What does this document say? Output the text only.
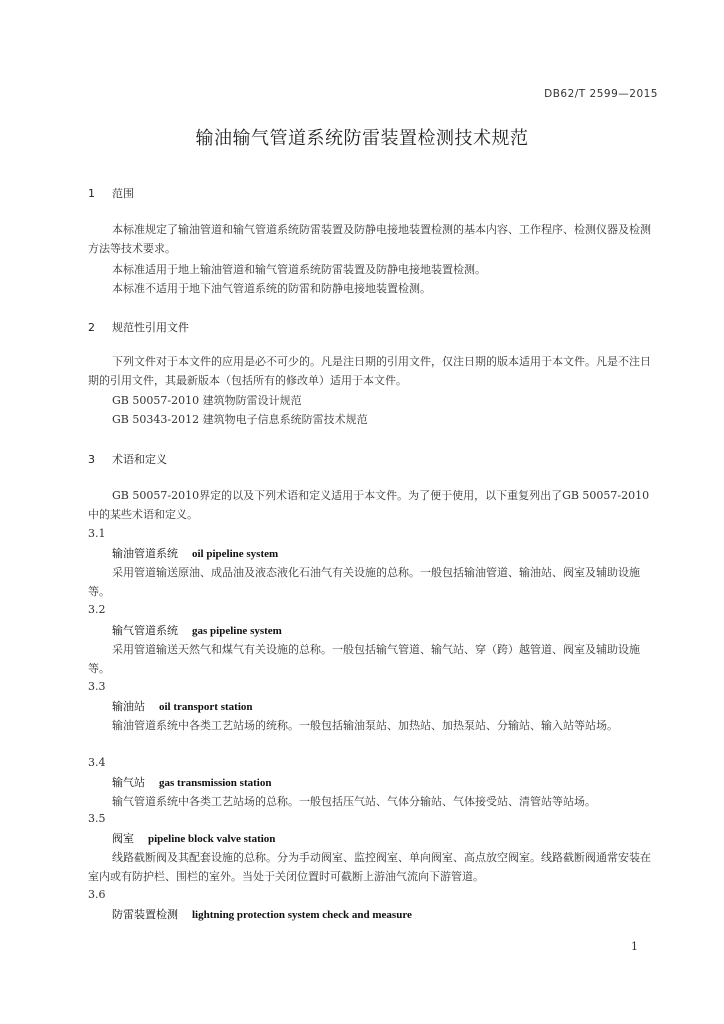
DB62/T 2599—2015
输油输气管道系统防雷装置检测技术规范
1 范围
本标准规定了输油管道和输气管道系统防雷装置及防静电接地装置检测的基本内容、工作程序、检测仪器及检测方法等技术要求。
本标准适用于地上输油管道和输气管道系统防雷装置及防静电接地装置检测。
本标准不适用于地下油气管道系统的防雷和防静电接地装置检测。
2 规范性引用文件
下列文件对于本文件的应用是必不可少的。凡是注日期的引用文件，仅注日期的版本适用于本文件。凡是不注日期的引用文件，其最新版本（包括所有的修改单）适用于本文件。
GB 50057-2010 建筑物防雷设计规范
GB 50343-2012 建筑物电子信息系统防雷技术规范
3 术语和定义
GB 50057-2010界定的以及下列术语和定义适用于本文件。为了便于使用，以下重复列出了GB 50057-2010中的某些术语和定义。
3.1
输油管道系统 oil pipeline system
采用管道输送原油、成品油及液态液化石油气有关设施的总称。一般包括输油管道、输油站、阀室及辅助设施等。
3.2
输气管道系统 gas pipeline system
采用管道输送天然气和煤气有关设施的总称。一般包括输气管道、输气站、穿（跨）越管道、阀室及辅助设施等。
3.3
输油站 oil transport station
输油管道系统中各类工艺站场的统称。一般包括输油泵站、加热站、加热泵站、分输站、输入站等站场。
3.4
输气站 gas transmission station
输气管道系统中各类工艺站场的总称。一般包括压气站、气体分输站、气体接受站、清管站等站场。
3.5
阀室 pipeline block valve station
线路截断阀及其配套设施的总称。分为手动阀室、监控阀室、单向阀室、高点放空阀室。线路截断阀通常安装在室内或有防护栏、围栏的室外。当处于关闭位置时可截断上游油气流向下游管道。
3.6
防雷装置检测 lightning protection system check and measure
1
